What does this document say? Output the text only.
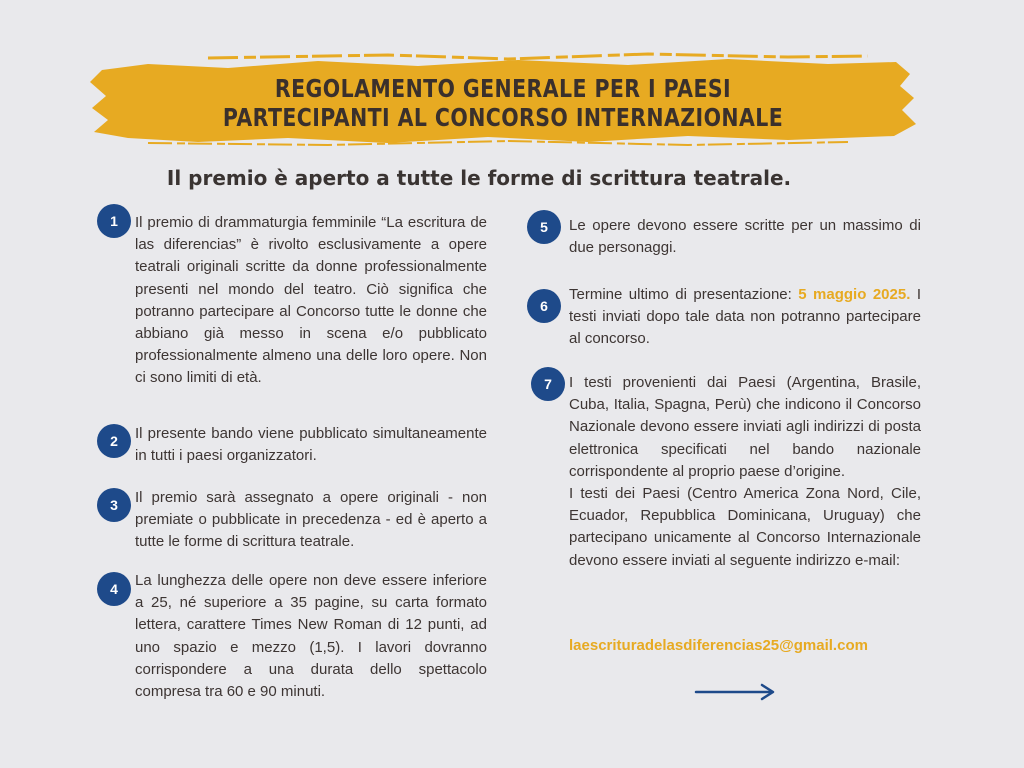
REGOLAMENTO GENERALE PER I PAESI
PARTECIPANTI AL CONCORSO INTERNAZIONALE
Il premio è aperto a tutte le forme di scrittura teatrale.
1	Il premio di drammaturgia femminile “La escritura de las diferencias” è rivolto esclusivamente a opere teatrali originali scritte da donne professionalmente presenti nel mondo del teatro. Ciò significa che potranno partecipare al Concorso tutte le donne che abbiano già messo in scena e/o pubblicato professionalmente almeno una delle loro opere. Non ci sono limiti di età.
2	Il presente bando viene pubblicato simultaneamente in tutti i paesi organizzatori.
3	Il premio sarà assegnato a opere originali - non premiate o pubblicate in precedenza - ed è aperto a tutte le forme di scrittura teatrale.
4	La lunghezza delle opere non deve essere inferiore a 25, né superiore a 35 pagine, su carta formato lettera, carattere Times New Roman di 12 punti, ad uno spazio e mezzo (1,5). I lavori dovranno corrispondere a una durata dello spettacolo compresa tra 60 e 90 minuti.
5	Le opere devono essere scritte per un massimo di due personaggi.
6
Termine ultimo di presentazione: 5 maggio 2025. I testi inviati dopo tale data non potranno partecipare al concorso.
7	I testi provenienti dai Paesi (Argentina, Brasile, Cuba, Italia, Spagna, Perù) che indicono il Concorso Nazionale devono essere inviati agli indirizzi di posta elettronica specificati nel bando nazionale corrispondente al proprio paese d’origine.
I testi dei Paesi (Centro America Zona Nord, Cile, Ecuador, Repubblica Dominicana, Uruguay) che partecipano unicamente al Concorso Internazionale devono essere inviati al seguente indirizzo e-mail:
laescrituradelasdiferencias25@gmail.com
